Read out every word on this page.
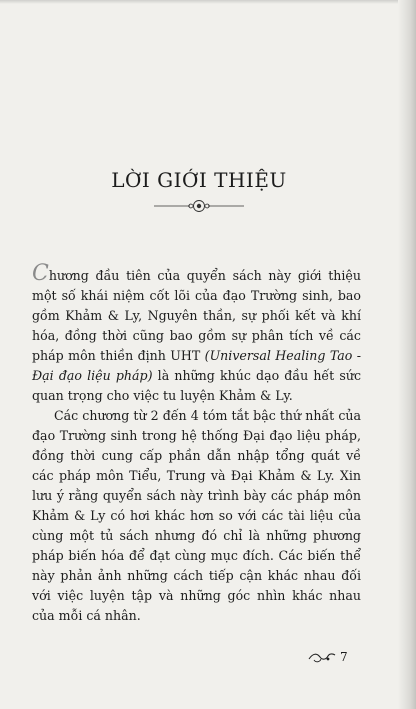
LỜI GIỚI THIỆU

Chương đầu tiên của quyển sách này giới thiệu một số khái niệm cốt lõi của đạo Trường sinh, bao gồm Khảm & Ly, Nguyên thần, sự phối kết và khí hóa, đồng thời cũng bao gồm sự phân tích về các pháp môn thiền định UHT (Universal Healing Tao - Đại đạo liệu pháp) là những khúc dạo đầu hết sức quan trọng cho việc tu luyện Khảm & Ly.

Các chương từ 2 đến 4 tóm tắt bậc thứ nhất của đạo Trường sinh trong hệ thống Đại đạo liệu pháp, đồng thời cung cấp phần dẫn nhập tổng quát về các pháp môn Tiểu, Trung và Đại Khảm & Ly. Xin lưu ý rằng quyển sách này trình bày các pháp môn Khảm & Ly có hơi khác hơn so với các tài liệu của cùng một tủ sách nhưng đó chỉ là những phương pháp biến hóa để đạt cùng mục đích. Các biến thể này phản ảnh những cách tiếp cận khác nhau đối với việc luyện tập và những góc nhìn khác nhau của mỗi cá nhân.

7
